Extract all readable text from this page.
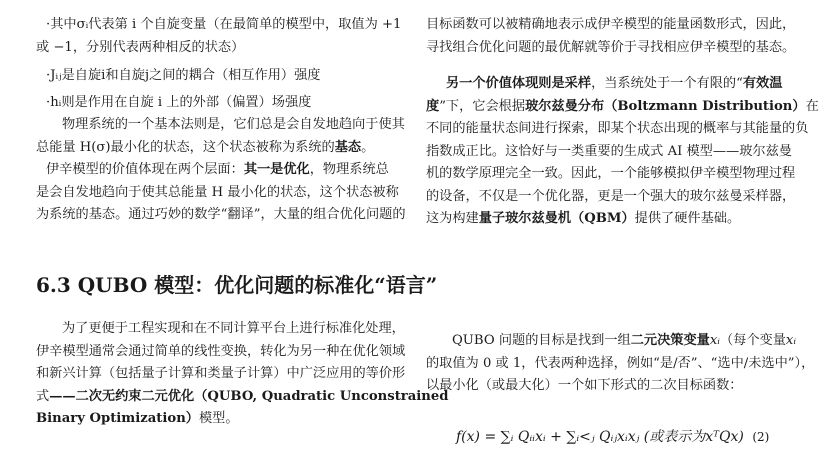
·其中σᵢ代表第 i 个自旋变量（在最简单的模型中，取值为 +1
或 −1，分别代表两种相反的状态）
·Jᵢⱼ是自旋i和自旋j之间的耦合（相互作用）强度
·hᵢ则是作用在自旋 i 上的外部（偏置）场强度
物理系统的一个基本法则是，它们总是会自发地趋向于使其
总能量 H(σ)最小化的状态，这个状态被称为系统的基态。
伊辛模型的价值体现在两个层面：其一是优化，物理系统总
是会自发地趋向于使其总能量 H 最小化的状态，这个状态被称
为系统的基态。通过巧妙的数学“翻译”，大量的组合优化问题的
6.3 QUBO 模型：优化问题的标准化“语言”
为了更便于工程实现和在不同计算平台上进行标准化处理，
伊辛模型通常会通过简单的线性变换，转化为另一种在优化领域
和新兴计算（包括量子计算和类量子计算）中广泛应用的等价形
式——二次无约束二元优化（QUBO, Quadratic Unconstrained
Binary Optimization）模型。
目标函数可以被精确地表示成伊辛模型的能量函数形式，因此，
寻找组合优化问题的最优解就等价于寻找相应伊辛模型的基态。
另一个价值体现则是采样，当系统处于一个有限的“有效温
度”下，它会根据玻尔兹曼分布（Boltzmann Distribution）在
不同的能量状态间进行探索，即某个状态出现的概率与其能量的负
指数成正比。这恰好与一类重要的生成式 AI 模型——玻尔兹曼
机的数学原理完全一致。因此，一个能够模拟伊辛模型物理过程
的设备，不仅是一个优化器，更是一个强大的玻尔兹曼采样器，
这为构建量子玻尔兹曼机（QBM）提供了硬件基础。
QUBO 问题的目标是找到一组二元决策变量xᵢ（每个变量xᵢ
的取值为 0 或 1，代表两种选择，例如“是/否”、“选中/未选中”），
以最小化（或最大化）一个如下形式的二次目标函数：
f(x) = ∑ᵢ Qᵢᵢxᵢ + ∑ᵢ<ⱼ Qᵢⱼxᵢxⱼ (或表示为xᵀQx) (2)
